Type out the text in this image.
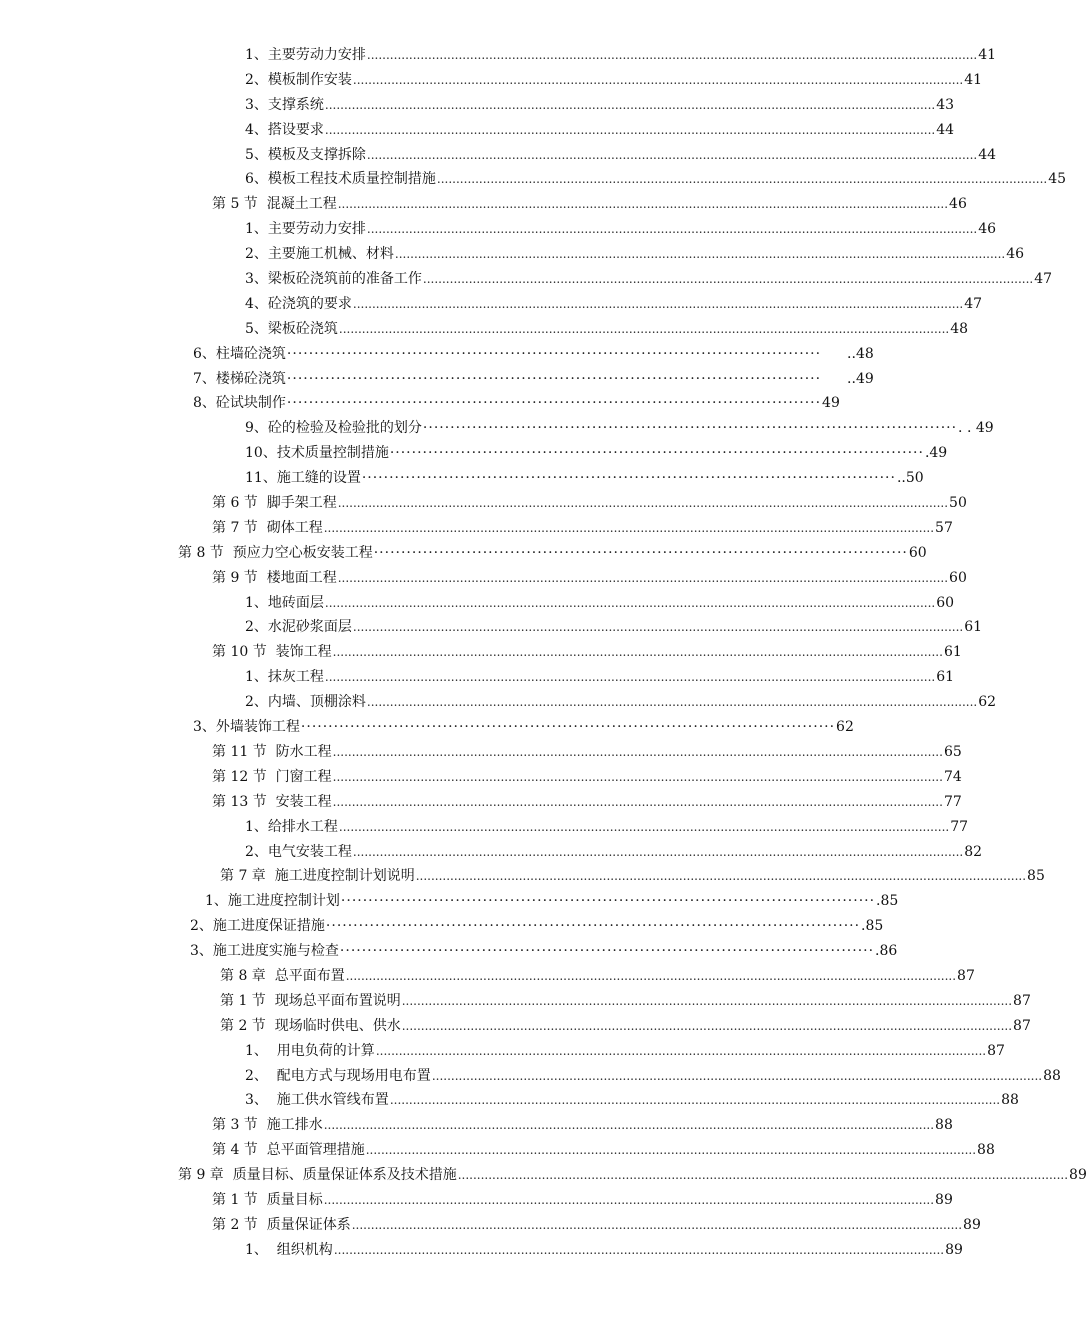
1、主要劳动力安排 ................................................................................................................................................................ 41
2、模板制作安装 ................................................................................................................................................................ 41
3、支撑系统 ................................................................................................................................................................ 43
4、搭设要求 ................................................................................................................................................................ 44
5、模板及支撑拆除 ................................................................................................................................................................ 44
6、模板工程技术质量控制措施 ................................................................................................................................................................ 45
第 5 节  混凝土工程 ................................................................................................................................................................ 46
1、主要劳动力安排 ................................................................................................................................................................ 46
2、主要施工机械、材料 ................................................................................................................................................................ 46
3、梁板砼浇筑前的准备工作 ................................................................................................................................................................ 47
4、砼浇筑的要求 ................................................................................................................................................................ 47
5、梁板砼浇筑 ................................................................................................................................................................ 48
6、柱墙砼浇筑 ·································································································· ..48
7、楼梯砼浇筑 ·································································································· ..49
8、砼试块制作 ·································································································· 49
9、砼的检验及检验批的划分 ·································································································· . . 49
10、技术质量控制措施 ·································································································· .49
11、施工缝的设置 ·································································································· ..50
第 6 节  脚手架工程 ................................................................................................................................................................ 50
第 7 节  砌体工程 ................................................................................................................................................................ 57
第 8 节  预应力空心板安装工程 ·································································································· 60
第 9 节  楼地面工程 ................................................................................................................................................................ 60
1、地砖面层 ................................................................................................................................................................ 60
2、水泥砂浆面层 ................................................................................................................................................................ 61
第 10 节  装饰工程 ................................................................................................................................................................ 61
1、抹灰工程 ................................................................................................................................................................ 61
2、内墙、顶棚涂料 ................................................................................................................................................................ 62
3、外墙装饰工程 ·································································································· 62
第 11 节  防水工程 ................................................................................................................................................................ 65
第 12 节  门窗工程 ................................................................................................................................................................ 74
第 13 节  安装工程 ................................................................................................................................................................ 77
1、给排水工程 ................................................................................................................................................................ 77
2、电气安装工程 ................................................................................................................................................................ 82
第 7 章  施工进度控制计划说明 ................................................................................................................................................................ 85
1、施工进度控制计划 ·································································································· .85
2、施工进度保证措施 ·································································································· .85
3、施工进度实施与检查 ·································································································· .86
第 8 章  总平面布置 ................................................................................................................................................................ 87
第 1 节  现场总平面布置说明 ................................................................................................................................................................ 87
第 2 节  现场临时供电、供水 ................................................................................................................................................................ 87
1、  用电负荷的计算 ................................................................................................................................................................ 87
2、  配电方式与现场用电布置 ................................................................................................................................................................ 88
3、  施工供水管线布置 ................................................................................................................................................................ 88
第 3 节  施工排水 ................................................................................................................................................................ 88
第 4 节  总平面管理措施 ................................................................................................................................................................ 88
第 9 章  质量目标、质量保证体系及技术措施 ................................................................................................................................................................ 89
第 1 节  质量目标 ................................................................................................................................................................ 89
第 2 节  质量保证体系 ................................................................................................................................................................ 89
1、  组织机构 ................................................................................................................................................................ 89
